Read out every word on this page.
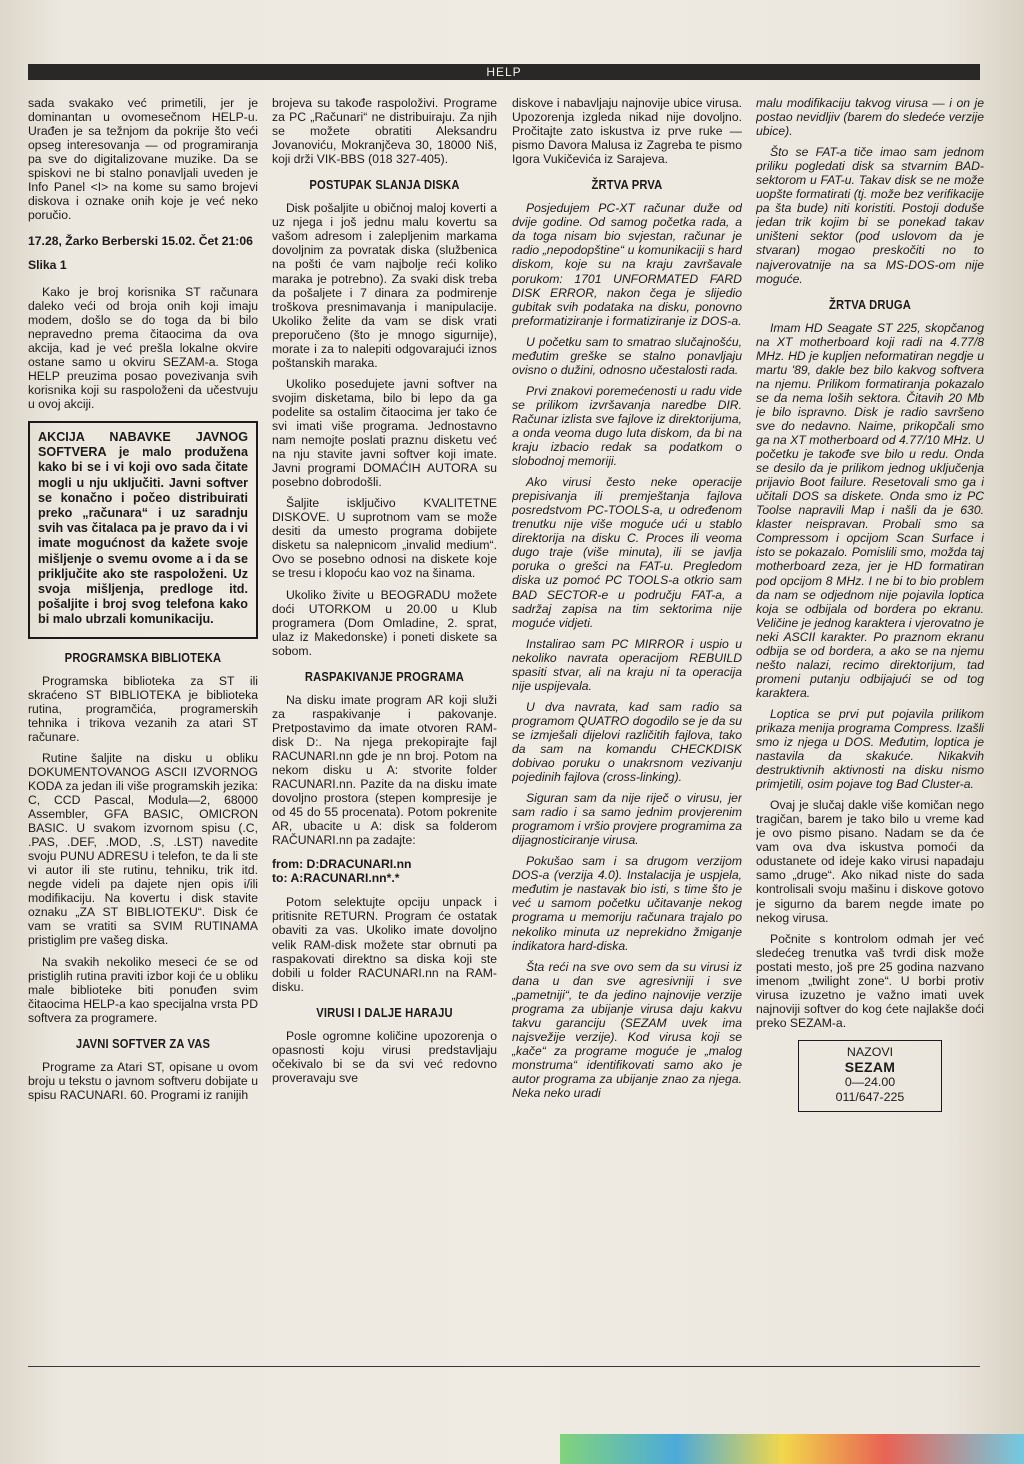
HELP

sada svakako već primetili, jer je dominantan u ovomesečnom HELP-u. Urađen je sa težnjom da pokrije što veći opseg interesovanja — od programiranja pa sve do digitalizovane muzike. Da se spiskovi ne bi stalno ponavljali uveden je Info Panel <I> na kome su samo brojevi diskova i oznake onih koje je već neko poručio.

17.28, Žarko Berberski 15.02. Čet 21:06

Slika 1

Kako je broj korisnika ST računara daleko veći od broja onih koji imaju modem, došlo se do toga da bi bilo nepravedno prema čitaocima da ova akcija, kad je već prešla lokalne okvire ostane samo u okviru SEZAM-a. Stoga HELP preuzima posao povezivanja svih korisnika koji su raspoloženi da učestvuju u ovoj akciji.

AKCIJA NABAVKE JAVNOG SOFTVERA je malo produžena kako bi se i vi koji ovo sada čitate mogli u nju uključiti. Javni softver se konačno i počeo distribuirati preko „računara“ i uz saradnju svih vas čitalaca pa je pravo da i vi imate mogućnost da kažete svoje mišljenje o svemu ovome a i da se priključite ako ste raspoloženi. Uz svoja mišljenja, predloge itd. pošaljite i broj svog telefona kako bi malo ubrzali komunikaciju.
PROGRAMSKA BIBLIOTEKA

Programska biblioteka za ST ili skraćeno ST BIBLIOTEKA je biblioteka rutina, programčića, programerskih tehnika i trikova vezanih za atari ST računare.

Rutine šaljite na disku u obliku DOKUMENTOVANOG ASCII IZVORNOG KODA za jedan ili više programskih jezika: C, CCD Pascal, Modula—2, 68000 Assembler, GFA BASIC, OMICRON BASIC. U svakom izvornom spisu (.C, .PAS, .DEF, .MOD, .S, .LST) navedite svoju PUNU ADRESU i telefon, te da li ste vi autor ili ste rutinu, tehniku, trik itd. negde videli pa dajete njen opis i/ili modifikaciju. Na kovertu i disk stavite oznaku „ZA ST BIBLIOTEKU“. Disk će vam se vratiti sa SVIM RUTINAMA pristiglim pre vašeg diska.

Na svakih nekoliko meseci će se od pristiglih rutina praviti izbor koji će u obliku male biblioteke biti ponuđen svim čitaocima HELP-a kao specijalna vrsta PD softvera za programere.

JAVNI SOFTVER ZA VAS

Programe za Atari ST, opisane u ovom broju u tekstu o javnom softveru dobijate u spisu RACUNARI. 60. Programi iz ranijih

brojeva su takođe raspoloživi. Programe za PC „Računari“ ne distribuiraju. Za njih se možete obratiti Aleksandru Jovanoviću, Mokranjčeva 30, 18000 Niš, koji drži VIK-BBS (018 327-405).

POSTUPAK SLANJA DISKA

Disk pošaljite u običnoj maloj koverti a uz njega i još jednu malu kovertu sa vašom adresom i zalepljenim markama dovoljnim za povratak diska (službenica na pošti će vam najbolje reći koliko maraka je potrebno). Za svaki disk treba da pošaljete i 7 dinara za podmirenje troškova presnimavanja i manipulacije. Ukoliko želite da vam se disk vrati preporučeno (što je mnogo sigurnije), morate i za to nalepiti odgovarajući iznos poštanskih maraka.

Ukoliko posedujete javni softver na svojim disketama, bilo bi lepo da ga podelite sa ostalim čitaocima jer tako će svi imati više programa. Jednostavno nam nemojte poslati praznu disketu već na nju stavite javni softver koji imate. Javni programi DOMAĆIH AUTORA su posebno dobrodošli.

Šaljite isključivo KVALITETNE DISKOVE. U suprotnom vam se može desiti da umesto programa dobijete disketu sa nalepnicom „invalid medium“. Ovo se posebno odnosi na diskete koje se tresu i klopoću kao voz na šinama.

Ukoliko živite u BEOGRADU možete doći UTORKOM u 20.00 u Klub programera (Dom Omladine, 2. sprat, ulaz iz Makedonske) i poneti diskete sa sobom.

RASPAKIVANJE PROGRAMA

Na disku imate program AR koji služi za raspakivanje i pakovanje. Pretpostavimo da imate otvoren RAM-disk D:. Na njega prekopirajte fajl RACUNARI.nn gde je nn broj. Potom na nekom disku u A: stvorite folder RACUNARI.nn. Pazite da na disku imate dovoljno prostora (stepen kompresije je od 45 do 55 procenata). Potom pokrenite AR, ubacite u A: disk sa folderom RAČUNARI.nn pa zadajte:

from: D:DRACUNARI.nn

to: A:RACUNARI.nn*.*

Potom selektujte opciju unpack i pritisnite RETURN. Program će ostatak obaviti za vas. Ukoliko imate dovoljno velik RAM-disk možete star obrnuti pa raspakovati direktno sa diska koji ste dobili u folder RACUNARI.nn na RAM-disku.

VIRUSI I DALJE HARAJU

Posle ogromne količine upozorenja o opasnosti koju virusi predstavljaju očekivalo bi se da svi već redovno proveravaju sve

diskove i nabavljaju najnovije ubice virusa. Upozorenja izgleda nikad nije dovoljno. Pročitajte zato iskustva iz prve ruke — pismo Davora Malusa iz Zagreba te pismo Igora Vukičevića iz Sarajeva.

ŽRTVA PRVA

Posjedujem PC-XT računar duže od dvije godine. Od samog početka rada, a da toga nisam bio svjestan, računar je radio „nepodopštine“ u komunikaciji s hard diskom, koje su na kraju završavale porukom: 1701 UNFORMATED FARD DISK ERROR, nakon čega je slijedio gubitak svih podataka na disku, ponovno preformatiziranje i formatiziranje iz DOS-a.

U početku sam to smatrao slučajnošću, međutim greške se stalno ponavljaju ovisno o dužini, odnosno učestalosti rada.

Prvi znakovi poremećenosti u radu vide se prilikom izvršavanja naredbe DIR. Računar izlista sve fajlove iz direktorijuma, a onda veoma dugo luta diskom, da bi na kraju izbacio redak sa podatkom o slobodnoj memoriji.

Ako virusi često neke operacije prepisivanja ili premještanja fajlova posredstvom PC-TOOLS-a, u određenom trenutku nije više moguće ući u stablo direktorija na disku C. Proces ili veoma dugo traje (više minuta), ili se javlja poruka o grešci na FAT-u. Pregledom diska uz pomoć PC TOOLS-a otkrio sam BAD SECTOR-e u području FAT-a, a sadržaj zapisa na tim sektorima nije moguće vidjeti.

Instalirao sam PC MIRROR i uspio u nekoliko navrata operacijom REBUILD spasiti stvar, ali na kraju ni ta operacija nije uspijevala.

U dva navrata, kad sam radio sa programom QUATRO dogodilo se je da su se izmješali dijelovi različitih fajlova, tako da sam na komandu CHECKDISK dobivao poruku o unakrsnom vezivanju pojedinih fajlova (cross-linking).

Siguran sam da nije riječ o virusu, jer sam radio i sa samo jednim provjerenim programom i vršio provjere programima za dijagnosticiranje virusa.

Pokušao sam i sa drugom verzijom DOS-a (verzija 4.0). Instalacija je uspjela, međutim je nastavak bio isti, s time što je već u samom početku učitavanje nekog programa u memoriju računara trajalo po nekoliko minuta uz neprekidno žmiganje indikatora hard-diska.

Šta reći na sve ovo sem da su virusi iz dana u dan sve agresivniji i sve „pametniji“, te da jedino najnovije verzije programa za ubijanje virusa daju kakvu takvu garanciju (SEZAM uvek ima najsvežije verzije). Kod virusa koji se „kače“ za programe moguće je „malog monstruma“ identifikovati samo ako je autor programa za ubijanje znao za njega. Neka neko uradi

malu modifikaciju takvog virusa — i on je postao nevidljiv (barem do sledeće verzije ubice).

Što se FAT-a tiče imao sam jednom priliku pogledati disk sa stvarnim BAD-sektorom u FAT-u. Takav disk se ne može uopšte formatirati (tj. može bez verifikacije pa šta bude) niti koristiti. Postoji doduše jedan trik kojim bi se ponekad takav uništeni sektor (pod uslovom da je stvaran) mogao preskočiti no to najverovatnije na sa MS-DOS-om nije moguće.

ŽRTVA DRUGA

Imam HD Seagate ST 225, skopčanog na XT motherboard koji radi na 4.77/8 MHz. HD je kupljen neformatiran negdje u martu '89, dakle bez bilo kakvog softvera na njemu. Prilikom formatiranja pokazalo se da nema loših sektora. Čitavih 20 Mb je bilo ispravno. Disk je radio savršeno sve do nedavno. Naime, prikopčali smo ga na XT motherboard od 4.77/10 MHz. U početku je takođe sve bilo u redu. Onda se desilo da je prilikom jednog uključenja prijavio Boot failure. Resetovali smo ga i učitali DOS sa diskete. Onda smo iz PC Toolse napravili Map i našli da je 630. klaster neispravan. Probali smo sa Compressom i opcijom Scan Surface i isto se pokazalo. Pomislili smo, možda taj motherboard zeza, jer je HD formatiran pod opcijom 8 MHz. I ne bi to bio problem da nam se odjednom nije pojavila loptica koja se odbijala od bordera po ekranu. Veličine je jednog karaktera i vjerovatno je neki ASCII karakter. Po praznom ekranu odbija se od bordera, a ako se na njemu nešto nalazi, recimo direktorijum, tad promeni putanju odbijajući se od tog karaktera.

Loptica se prvi put pojavila prilikom prikaza menija programa Compress. Izašli smo iz njega u DOS. Međutim, loptica je nastavila da skakuće. Nikakvih destruktivnih aktivnosti na disku nismo primjetili, osim pojave tog Bad Cluster-a.

Ovaj je slučaj dakle više komičan nego tragičan, barem je tako bilo u vreme kad je ovo pismo pisano. Nadam se da će vam ova dva iskustva pomoći da odustanete od ideje kako virusi napadaju samo „druge“. Ako nikad niste do sada kontrolisali svoju mašinu i diskove gotovo je sigurno da barem negde imate po nekog virusa.

Počnite s kontrolom odmah jer već sledećeg trenutka vaš tvrdi disk može postati mesto, još pre 25 godina nazvano imenom „twilight zone“. U borbi protiv virusa izuzetno je važno imati uvek najnoviji softver do kog ćete najlakše doći preko SEZAM-a.

NAZOVI
SEZAM
0—24.00
011/647-225
